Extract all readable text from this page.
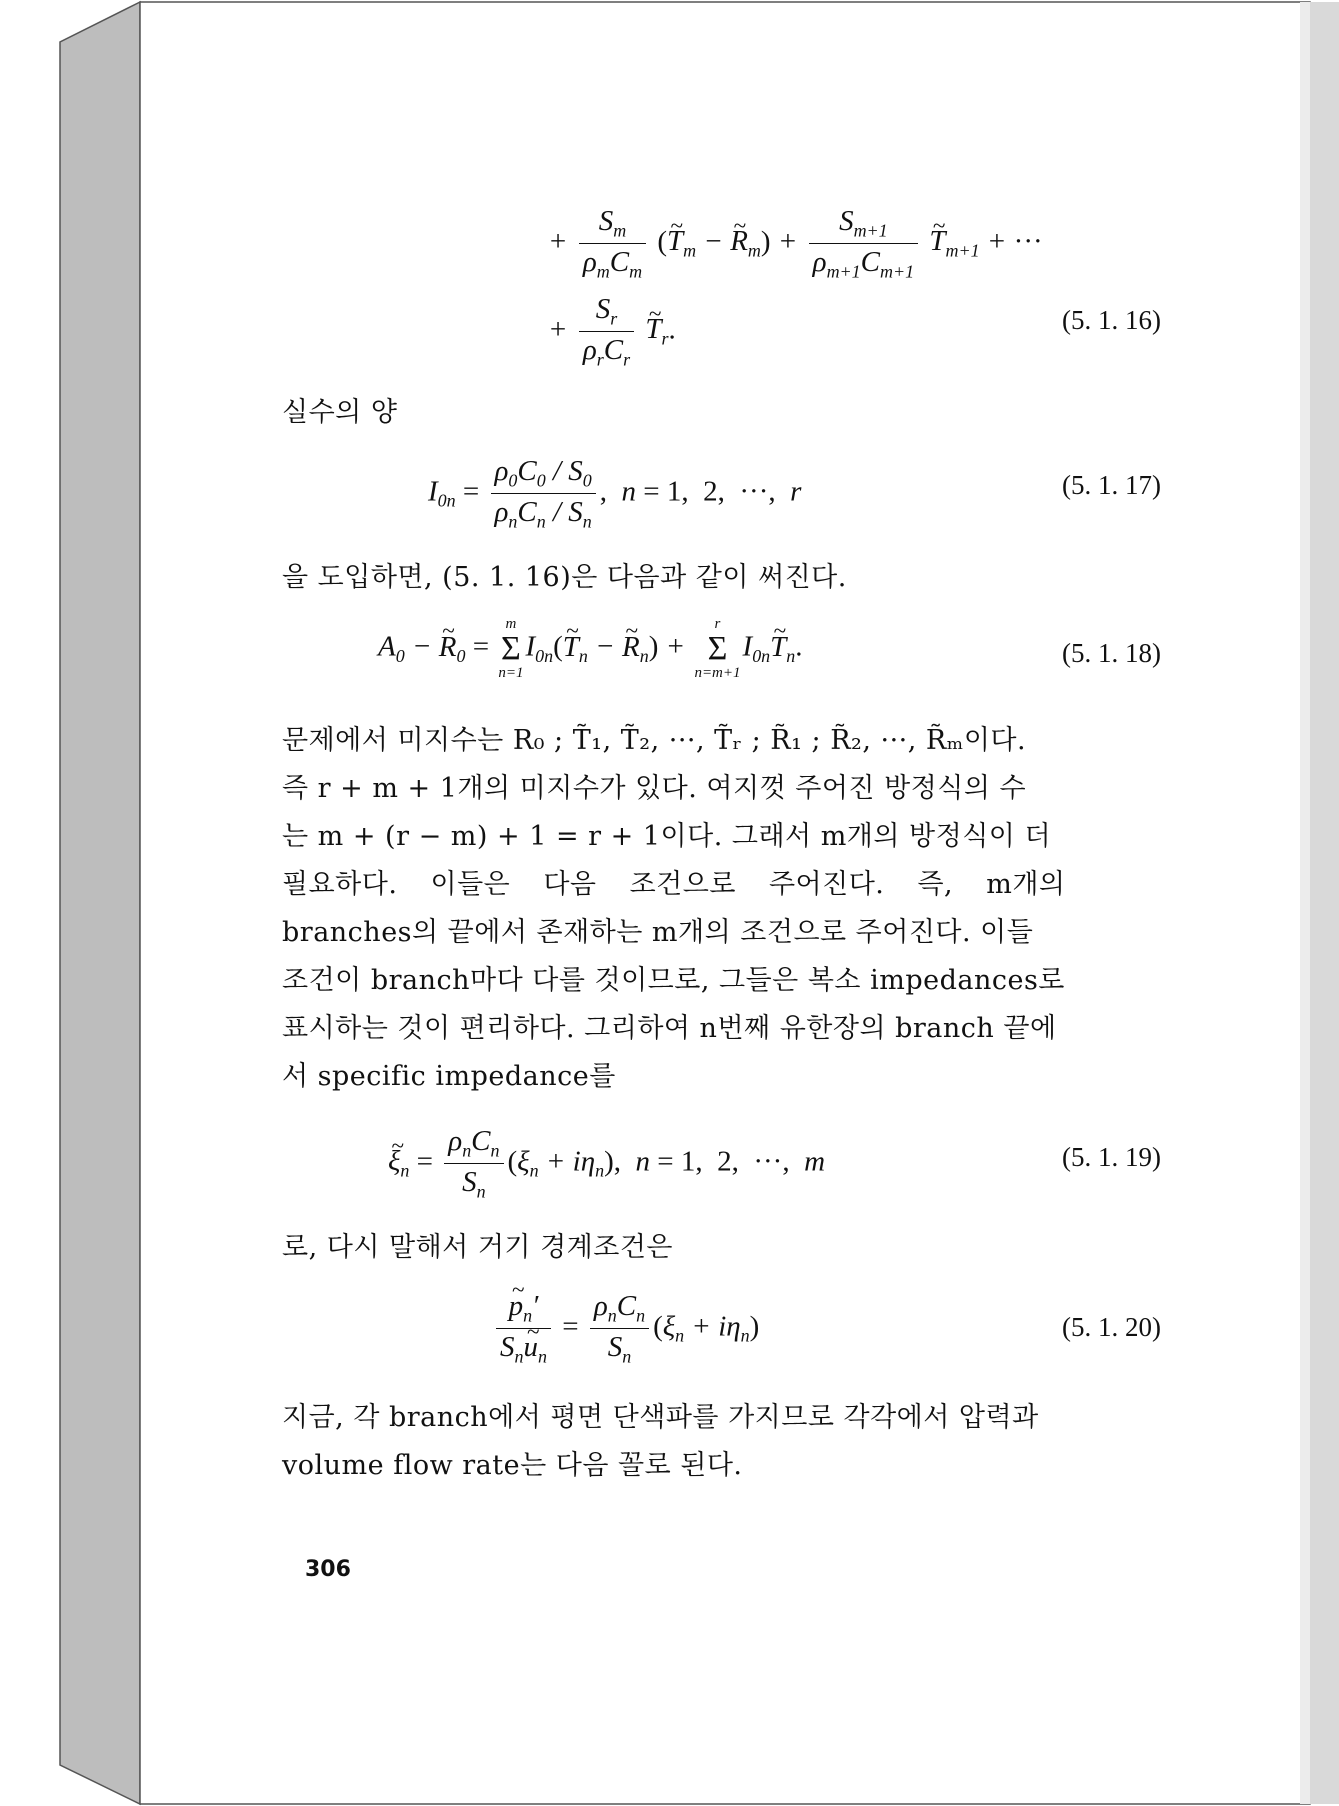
+ $\frac{S_m}{\rho_mC_m}$ (~ $T_m$ − ~ $R_m) + \frac{S_{m+1}}{\rho_{m+1}C_{m+1}}$ ~ $T_{m+1}$ + ···
+ $\frac{S_r}{\rho_rC_r}$ ~ $T_r$.	(5. 1. 16)
실수의 양
$I_{0n} = \frac{\rho_0C_0 / S_0}{\rho_nC_n / S_n}$ ,  n = 1,  2,  ···,  r	(5. 1. 17)
을 도입하면, (5. 1. 16)은 다음과 같이 써진다.
$A_0$ − ~ $R_0$ =
m
Σ
n=1
$I_{0n}(\sim$ $T_n$ − ~ $R_n$) +
r
Σ
n=m+1
$I_{0n}\sim$ $T_n$.	(5. 1. 18)
문제에서 미지수는 R₀ ; T̃₁, T̃₂, ···, T̃ᵣ ; R̃₁ ; R̃₂, ···, R̃ₘ이다.
즉 r + m + 1개의 미지수가 있다. 여지껏 주어진 방정식의 수
는 m + (r − m) + 1 = r + 1이다. 그래서 m개의 방정식이 더
필요하다. 이들은 다음 조건으로 주어진다. 즉, m개의
branches의 끝에서 존재하는 m개의 조건으로 주어진다. 이들
조건이 branch마다 다를 것이므로, 그들은 복소 impedances로
표시하는 것이 편리하다. 그리하여 n번째 유한장의 branch 끝에
서 specific impedance를
~ $\xi_n = \frac{\rho_nC_n}{S_n} (\xi_n + i\eta_n)$,  n = 1,  2,  ···,  m	(5. 1. 19)
로, 다시 말해서 거기 경계조건은
~ $\frac{p_n'}{S_n\sim u_n} = \frac{\rho_nC_n}{S_n} (\xi_n + i\eta_n)$	(5. 1. 20)
지금, 각 branch에서 평면 단색파를 가지므로 각각에서 압력과
volume flow rate는 다음 꼴로 된다.
306
